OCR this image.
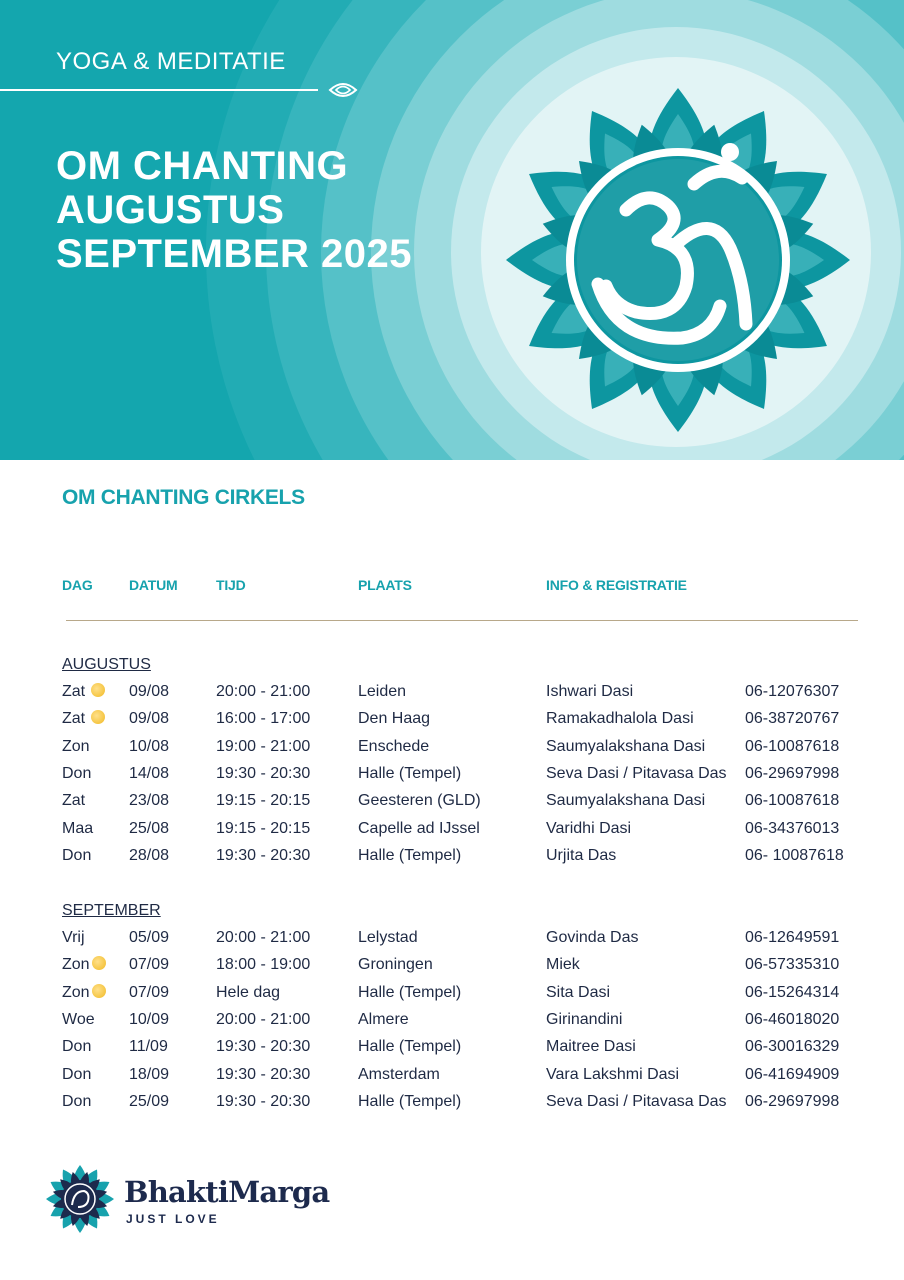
YOGA & MEDITATIE
OM CHANTING
AUGUSTUS
SEPTEMBER 2025
OM CHANTING CIRKELS
DAG	DATUM	TIJD	PLAATS	INFO & REGISTRATIE
AUGUSTUS
Zat	09/08	20:00 - 21:00	Leiden	Ishwari Dasi	06-12076307
Zat	09/08	16:00 - 17:00	Den Haag	Ramakadhalola Dasi	06-38720767
Zon 10/08	19:00 - 21:00	Enschede	Saumyalakshana Dasi 06-10087618
Don 14/08	19:30 - 20:30	Halle (Tempel)	Seva Dasi / Pitavasa Das 06-29697998
Zat	23/08	19:15 - 20:15	Geesteren (GLD)	Saumyalakshana Dasi 06-10087618
Maa 25/08	19:15 - 20:15	Capelle ad IJssel	Varidhi Dasi	06-34376013
Don 28/08	19:30 - 20:30	Halle (Tempel)	Urjita Das	06- 10087618
SEPTEMBER
Vrij	05/09	20:00 - 21:00	Lelystad	Govinda Das	06-12649591
Zon	07/09	18:00 - 19:00	Groningen	Miek	06-57335310
Zon	07/09	Hele dag	Halle (Tempel)	Sita Dasi	06-15264314
Woe 10/09	20:00 - 21:00	Almere	Girinandini	06-46018020
Don 11/09	19:30 - 20:30	Halle (Tempel)	Maitree Dasi	06-30016329
Don 18/09	19:30 - 20:30	Amsterdam	Vara Lakshmi Dasi	06-41694909
Don 25/09	19:30 - 20:30	Halle (Tempel)	Seva Dasi / Pitavasa Das 06-29697998
BhaktiMarga
JUST LOVE
